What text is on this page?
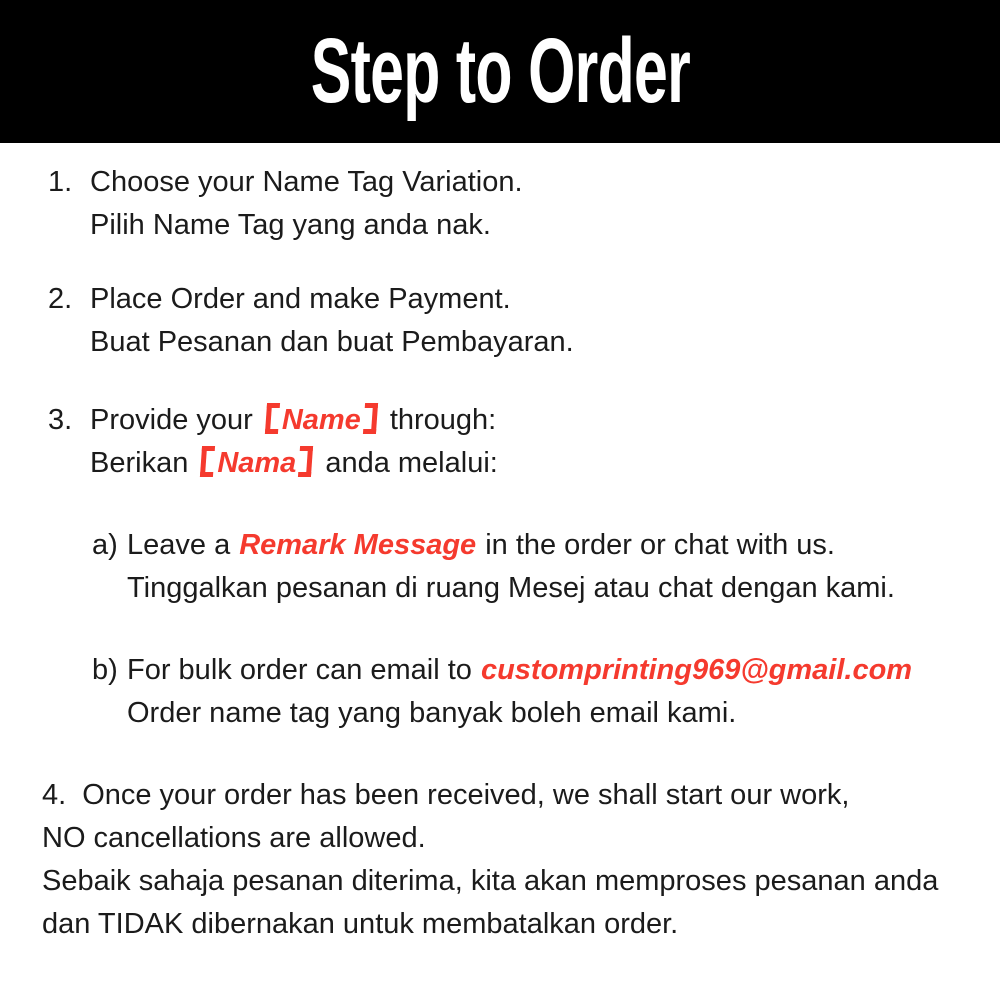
Step to Order
1. Choose your Name Tag Variation.

Pilih Name Tag yang anda nak.

2. Place Order and make Payment.

Buat Pesanan dan buat Pembayaran.

3. Provide your Name through:

Berikan Nama anda melalui:

a) Leave a Remark Message in the order or chat with us.

Tinggalkan pesanan di ruang Mesej atau chat dengan kami.

b) For bulk order can email to customprinting969@gmail.com

Order name tag yang banyak boleh email kami.

4. Once your order has been received, we shall start our work,

NO cancellations are allowed.

Sebaik sahaja pesanan diterima, kita akan memproses pesanan anda

dan TIDAK dibernakan untuk membatalkan order.
